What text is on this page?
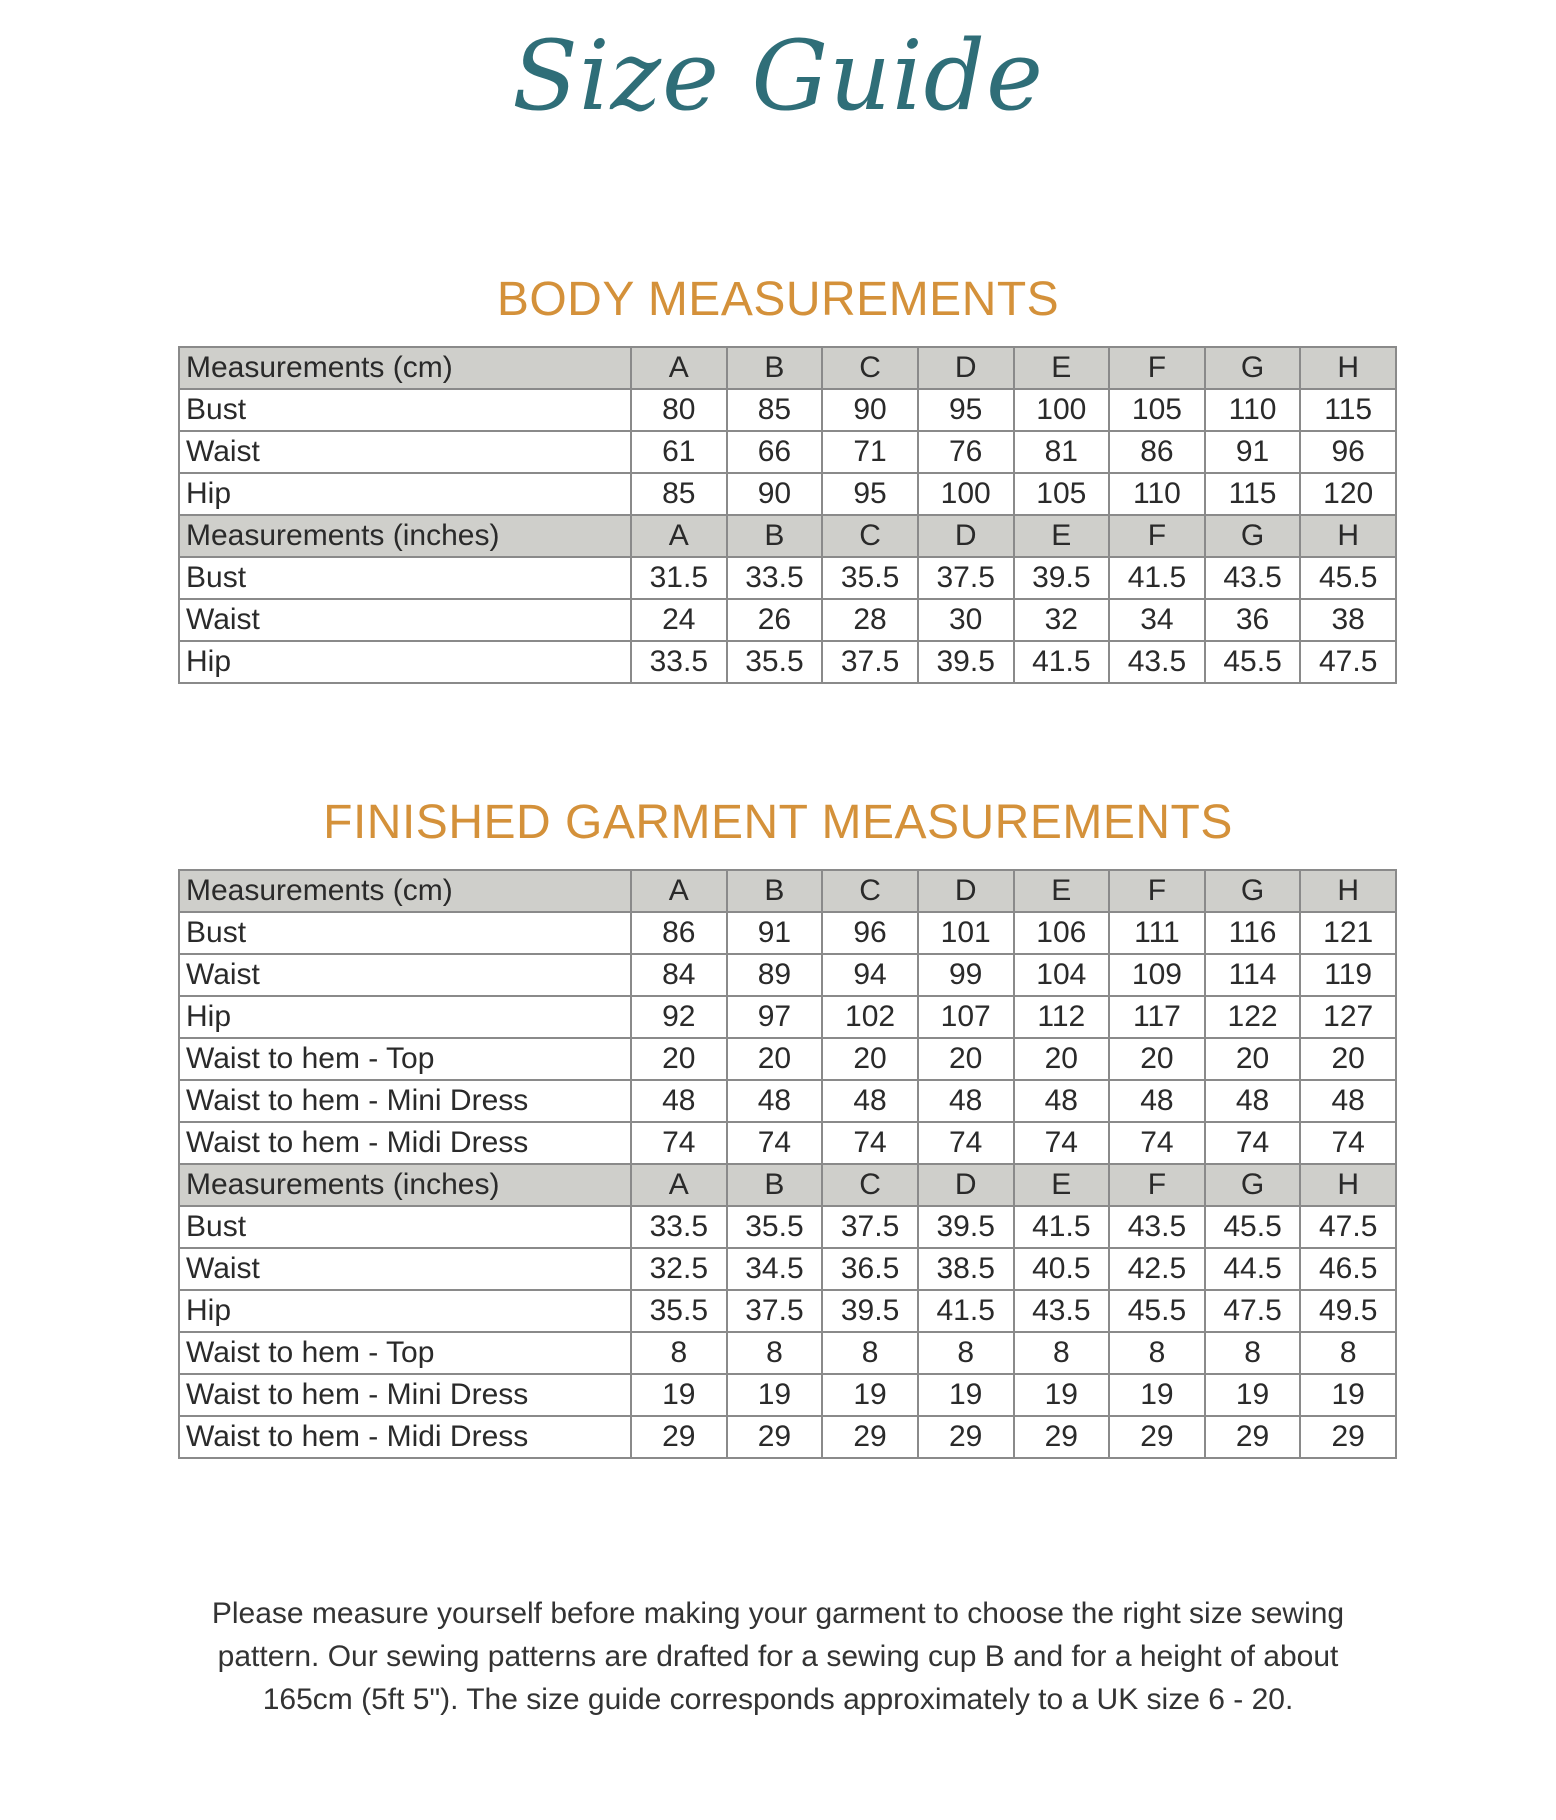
Size Guide
BODY MEASUREMENTS
Measurements (cm)	A	B	C	D	E	F	G	H
Bust	80	85	90	95	100	105	110	115
Waist	61	66	71	76	81	86	91	96
Hip	85	90	95	100	105	110	115	120
Measurements (inches)	A	B	C	D	E	F	G	H
Bust	31.5	33.5	35.5	37.5	39.5	41.5	43.5	45.5
Waist	24	26	28	30	32	34	36	38
Hip	33.5	35.5	37.5	39.5	41.5	43.5	45.5	47.5
FINISHED GARMENT MEASUREMENTS
Measurements (cm)	A	B	C	D	E	F	G	H
Bust	86	91	96	101	106	111	116	121
Waist	84	89	94	99	104	109	114	119
Hip	92	97	102	107	112	117	122	127
Waist to hem - Top	20	20	20	20	20	20	20	20
Waist to hem - Mini Dress	48	48	48	48	48	48	48	48
Waist to hem - Midi Dress	74	74	74	74	74	74	74	74
Measurements (inches)	A	B	C	D	E	F	G	H
Bust	33.5	35.5	37.5	39.5	41.5	43.5	45.5	47.5
Waist	32.5	34.5	36.5	38.5	40.5	42.5	44.5	46.5
Hip	35.5	37.5	39.5	41.5	43.5	45.5	47.5	49.5
Waist to hem - Top	8	8	8	8	8	8	8	8
Waist to hem - Mini Dress	19	19	19	19	19	19	19	19
Waist to hem - Midi Dress	29	29	29	29	29	29	29	29
Please measure yourself before making your garment to choose the right size sewing pattern. Our sewing patterns are drafted for a sewing cup B and for a height of about 165cm (5ft 5"). The size guide corresponds approximately to a UK size 6 - 20.
